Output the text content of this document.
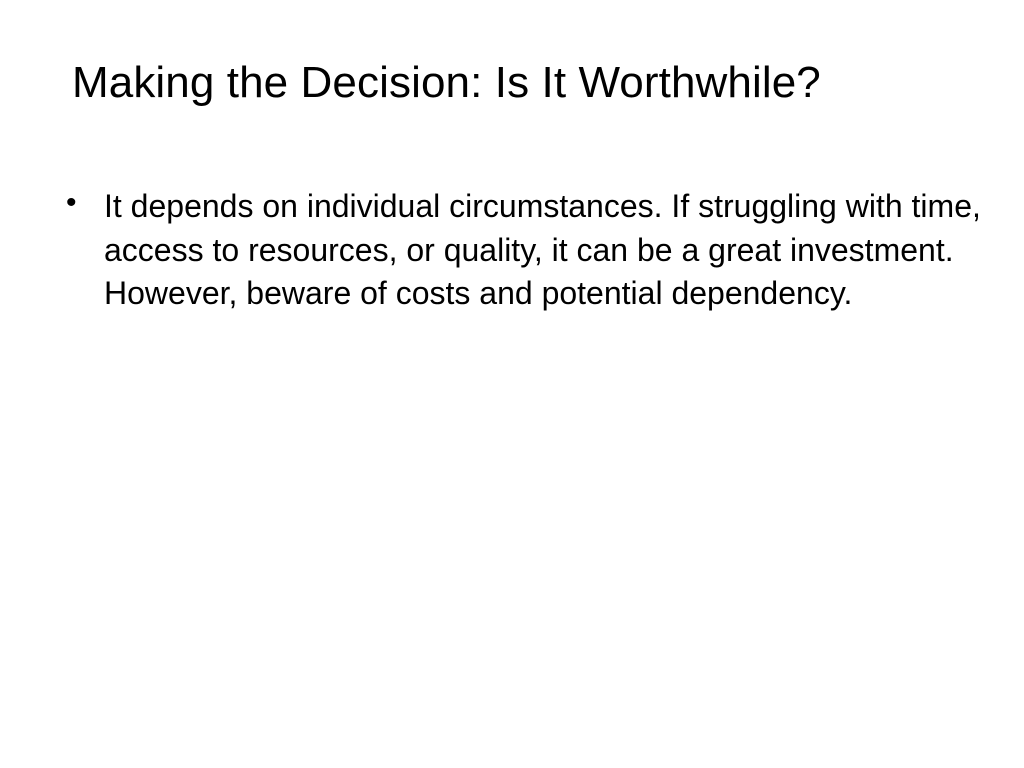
Making the Decision: Is It Worthwhile?
• It depends on individual circumstances. If struggling with time, access to resources, or quality, it can be a great investment. However, beware of costs and potential dependency.
